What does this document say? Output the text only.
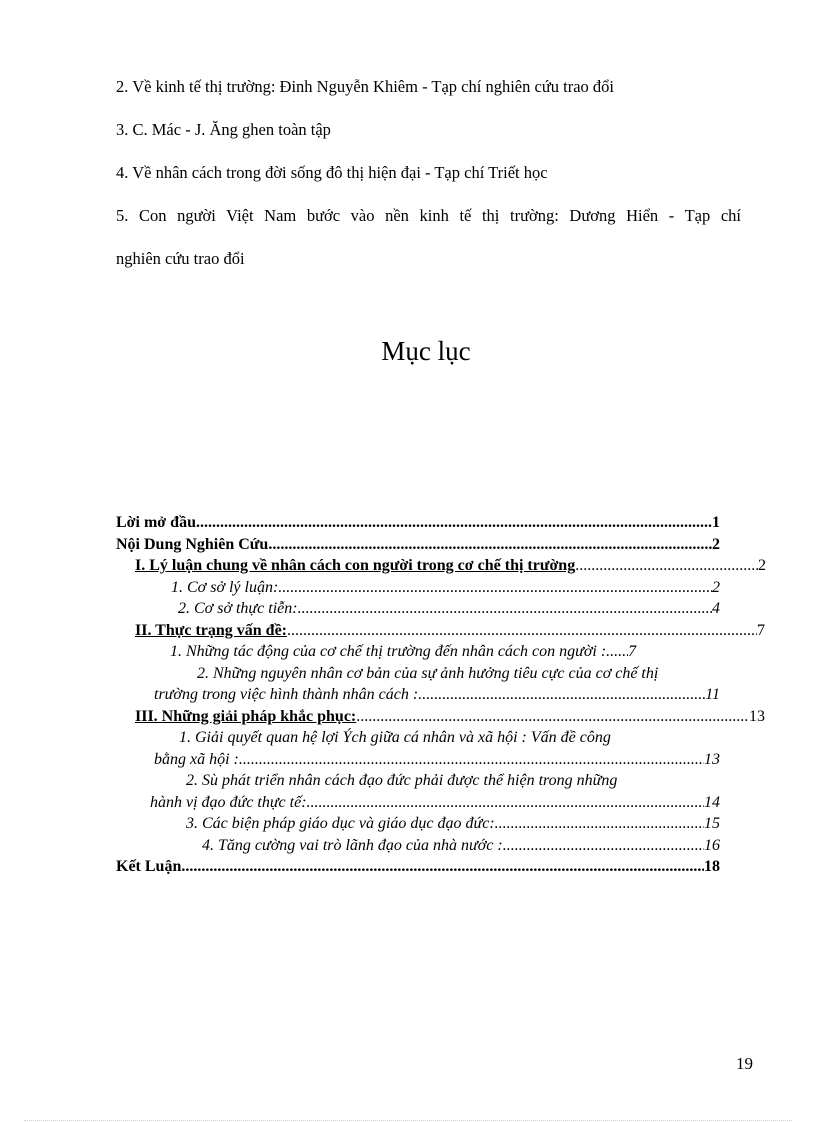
2. Về kinh tế thị trường: Đinh Nguyễn Khiêm - Tạp chí nghiên cứu trao đổi
3. C. Mác - J. Ăng ghen toàn tập
4. Về nhân cách trong đời sống đô thị hiện đại - Tạp chí Triết học
5. Con người Việt Nam bước vào nền kinh tế thị trường: Dương Hiển - Tạp chí
nghiên cứu trao đổi
Mục lục
Lời mở đầu .....	1
Nội Dung Nghiên Cứu .....	2
I. Lý luận chung về nhân cách con người trong cơ chế thị trường .....	2
1. Cơ sở lý luận: .....	2
2. Cơ sở thực tiễn: .....	4
II. Thực trạng vấn đề: .....	7
1. Những tác động của cơ chế thị trường đến nhân cách con người : ..... 7
2. Những nguyên nhân cơ bản của sự ảnh hưởng tiêu cực của cơ chế thị
trường trong việc hình thành nhân cách : .....	11
III. Những giải pháp khắc phục: .....	13
1. Giải quyết quan hệ lợi Ých giữa cá nhân và xã hội : Vấn đề công
bằng xã hội : .....	13
2. Sù phát triển nhân cách đạo đức phải được thể hiện trong những
hành vị đạo đức thực tế: .....	14
3. Các biện pháp giáo dục và giáo dục đạo đức: .....	15
4. Tăng cường vai trò lãnh đạo của nhà nước : .....	16
Kết Luận .....	18
19
